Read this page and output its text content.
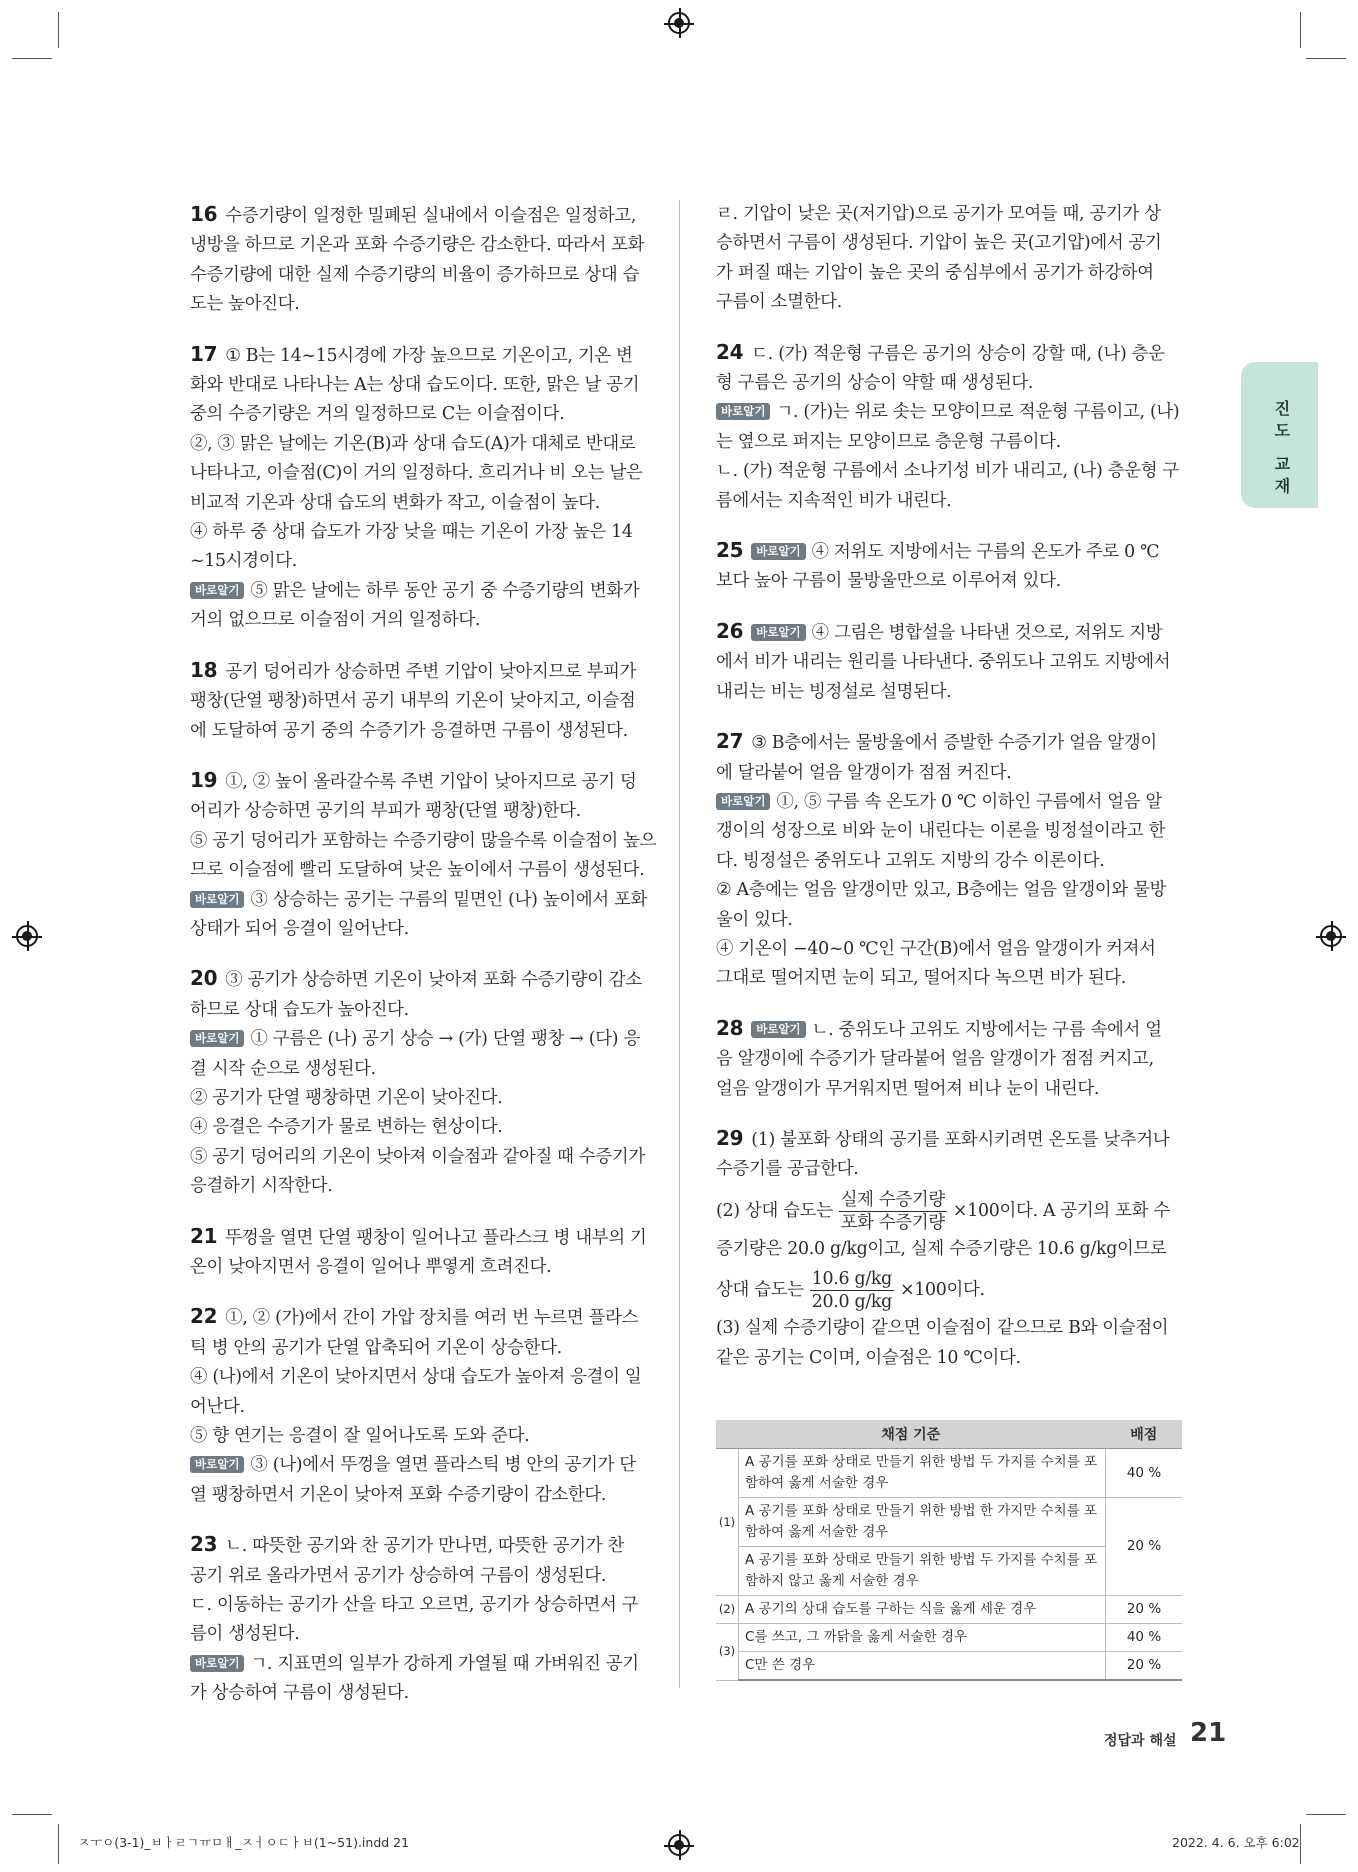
진도 교재
16 수증기량이 일정한 밀폐된 실내에서 이슬점은 일정하고,
냉방을 하므로 기온과 포화 수증기량은 감소한다. 따라서 포화
수증기량에 대한 실제 수증기량의 비율이 증가하므로 상대 습
도는 높아진다.
17 ① B는 14~15시경에 가장 높으므로 기온이고, 기온 변
화와 반대로 나타나는 A는 상대 습도이다. 또한, 맑은 날 공기
중의 수증기량은 거의 일정하므로 C는 이슬점이다.
②, ③ 맑은 날에는 기온(B)과 상대 습도(A)가 대체로 반대로
나타나고, 이슬점(C)이 거의 일정하다. 흐리거나 비 오는 날은
비교적 기온과 상대 습도의 변화가 작고, 이슬점이 높다.
④ 하루 중 상대 습도가 가장 낮을 때는 기온이 가장 높은 14
~15시경이다.
바로알기 ⑤ 맑은 날에는 하루 동안 공기 중 수증기량의 변화가
거의 없으므로 이슬점이 거의 일정하다.
18 공기 덩어리가 상승하면 주변 기압이 낮아지므로 부피가
팽창(단열 팽창)하면서 공기 내부의 기온이 낮아지고, 이슬점
에 도달하여 공기 중의 수증기가 응결하면 구름이 생성된다.
19 ①, ② 높이 올라갈수록 주변 기압이 낮아지므로 공기 덩
어리가 상승하면 공기의 부피가 팽창(단열 팽창)한다.
⑤ 공기 덩어리가 포함하는 수증기량이 많을수록 이슬점이 높으
므로 이슬점에 빨리 도달하여 낮은 높이에서 구름이 생성된다.
바로알기 ③ 상승하는 공기는 구름의 밑면인 (나) 높이에서 포화
상태가 되어 응결이 일어난다.
20 ③ 공기가 상승하면 기온이 낮아져 포화 수증기량이 감소
하므로 상대 습도가 높아진다.
바로알기 ① 구름은 (나) 공기 상승 → (가) 단열 팽창 → (다) 응
결 시작 순으로 생성된다.
② 공기가 단열 팽창하면 기온이 낮아진다.
④ 응결은 수증기가 물로 변하는 현상이다.
⑤ 공기 덩어리의 기온이 낮아져 이슬점과 같아질 때 수증기가
응결하기 시작한다.
21 뚜껑을 열면 단열 팽창이 일어나고 플라스크 병 내부의 기
온이 낮아지면서 응결이 일어나 뿌옇게 흐려진다.
22 ①, ② (가)에서 간이 가압 장치를 여러 번 누르면 플라스
틱 병 안의 공기가 단열 압축되어 기온이 상승한다.
④ (나)에서 기온이 낮아지면서 상대 습도가 높아져 응결이 일
어난다.
⑤ 향 연기는 응결이 잘 일어나도록 도와 준다.
바로알기 ③ (나)에서 뚜껑을 열면 플라스틱 병 안의 공기가 단
열 팽창하면서 기온이 낮아져 포화 수증기량이 감소한다.
23 ㄴ. 따뜻한 공기와 찬 공기가 만나면, 따뜻한 공기가 찬
공기 위로 올라가면서 공기가 상승하여 구름이 생성된다.
ㄷ. 이동하는 공기가 산을 타고 오르면, 공기가 상승하면서 구
름이 생성된다.
바로알기 ㄱ. 지표면의 일부가 강하게 가열될 때 가벼워진 공기
가 상승하여 구름이 생성된다.
ㄹ. 기압이 낮은 곳(저기압)으로 공기가 모여들 때, 공기가 상
승하면서 구름이 생성된다. 기압이 높은 곳(고기압)에서 공기
가 퍼질 때는 기압이 높은 곳의 중심부에서 공기가 하강하여
구름이 소멸한다.
24 ㄷ. (가) 적운형 구름은 공기의 상승이 강할 때, (나) 층운
형 구름은 공기의 상승이 약할 때 생성된다.
바로알기 ㄱ. (가)는 위로 솟는 모양이므로 적운형 구름이고, (나)
는 옆으로 퍼지는 모양이므로 층운형 구름이다.
ㄴ. (가) 적운형 구름에서 소나기성 비가 내리고, (나) 층운형 구
름에서는 지속적인 비가 내린다.
25 바로알기 ④ 저위도 지방에서는 구름의 온도가 주로 0 ℃
보다 높아 구름이 물방울만으로 이루어져 있다.
26 바로알기 ④ 그림은 병합설을 나타낸 것으로, 저위도 지방
에서 비가 내리는 원리를 나타낸다. 중위도나 고위도 지방에서
내리는 비는 빙정설로 설명된다.
27 ③ B층에서는 물방울에서 증발한 수증기가 얼음 알갱이
에 달라붙어 얼음 알갱이가 점점 커진다.
바로알기 ①, ⑤ 구름 속 온도가 0 ℃ 이하인 구름에서 얼음 알
갱이의 성장으로 비와 눈이 내린다는 이론을 빙정설이라고 한
다. 빙정설은 중위도나 고위도 지방의 강수 이론이다.
② A층에는 얼음 알갱이만 있고, B층에는 얼음 알갱이와 물방
울이 있다.
④ 기온이 −40~0 ℃인 구간(B)에서 얼음 알갱이가 커져서
그대로 떨어지면 눈이 되고, 떨어지다 녹으면 비가 된다.
28 바로알기 ㄴ. 중위도나 고위도 지방에서는 구름 속에서 얼
음 알갱이에 수증기가 달라붙어 얼음 알갱이가 점점 커지고,
얼음 알갱이가 무거워지면 떨어져 비나 눈이 내린다.
29 (1) 불포화 상태의 공기를 포화시키려면 온도를 낮추거나
수증기를 공급한다.
(2) 상대 습도는 $\frac{\text{실제 수증기량}}{\text{포화 수증기량}} \times 100$이다. A 공기의 포화 수
증기량은 20.0 g/kg이고, 실제 수증기량은 10.6 g/kg이므로
상대 습도는 $\frac{10.6 g/kg}{20.0 g/kg} \times 100$이다.
(3) 실제 수증기량이 같으면 이슬점이 같으므로 B와 이슬점이
같은 공기는 C이며, 이슬점은 10 ℃이다.
채점 기준		배점
(1)	A 공기를 포화 상태로 만들기 위한 방법 두 가지를 수치를 포함하여 옳게 서술한 경우	40 %
	A 공기를 포화 상태로 만들기 위한 방법 한 가지만 수치를 포함하여 옳게 서술한 경우	20 %
	A 공기를 포화 상태로 만들기 위한 방법 두 가지를 수치를 포함하지 않고 옳게 서술한 경우	
(2)	A 공기의 상대 습도를 구하는 식을 옳게 세운 경우	20 %
(3)	C를 쓰고, 그 까닭을 옳게 서술한 경우	40 %
	C만 쓴 경우	20 %
정답과 해설 21
ㅈㅜㅇ(3-1)_ㅂㅏㄹㄱㅠㅁㅐ_ㅈㅓㅇㄷㅏㅂ(1~51).indd 21	2022. 4. 6. 오후 6:02
